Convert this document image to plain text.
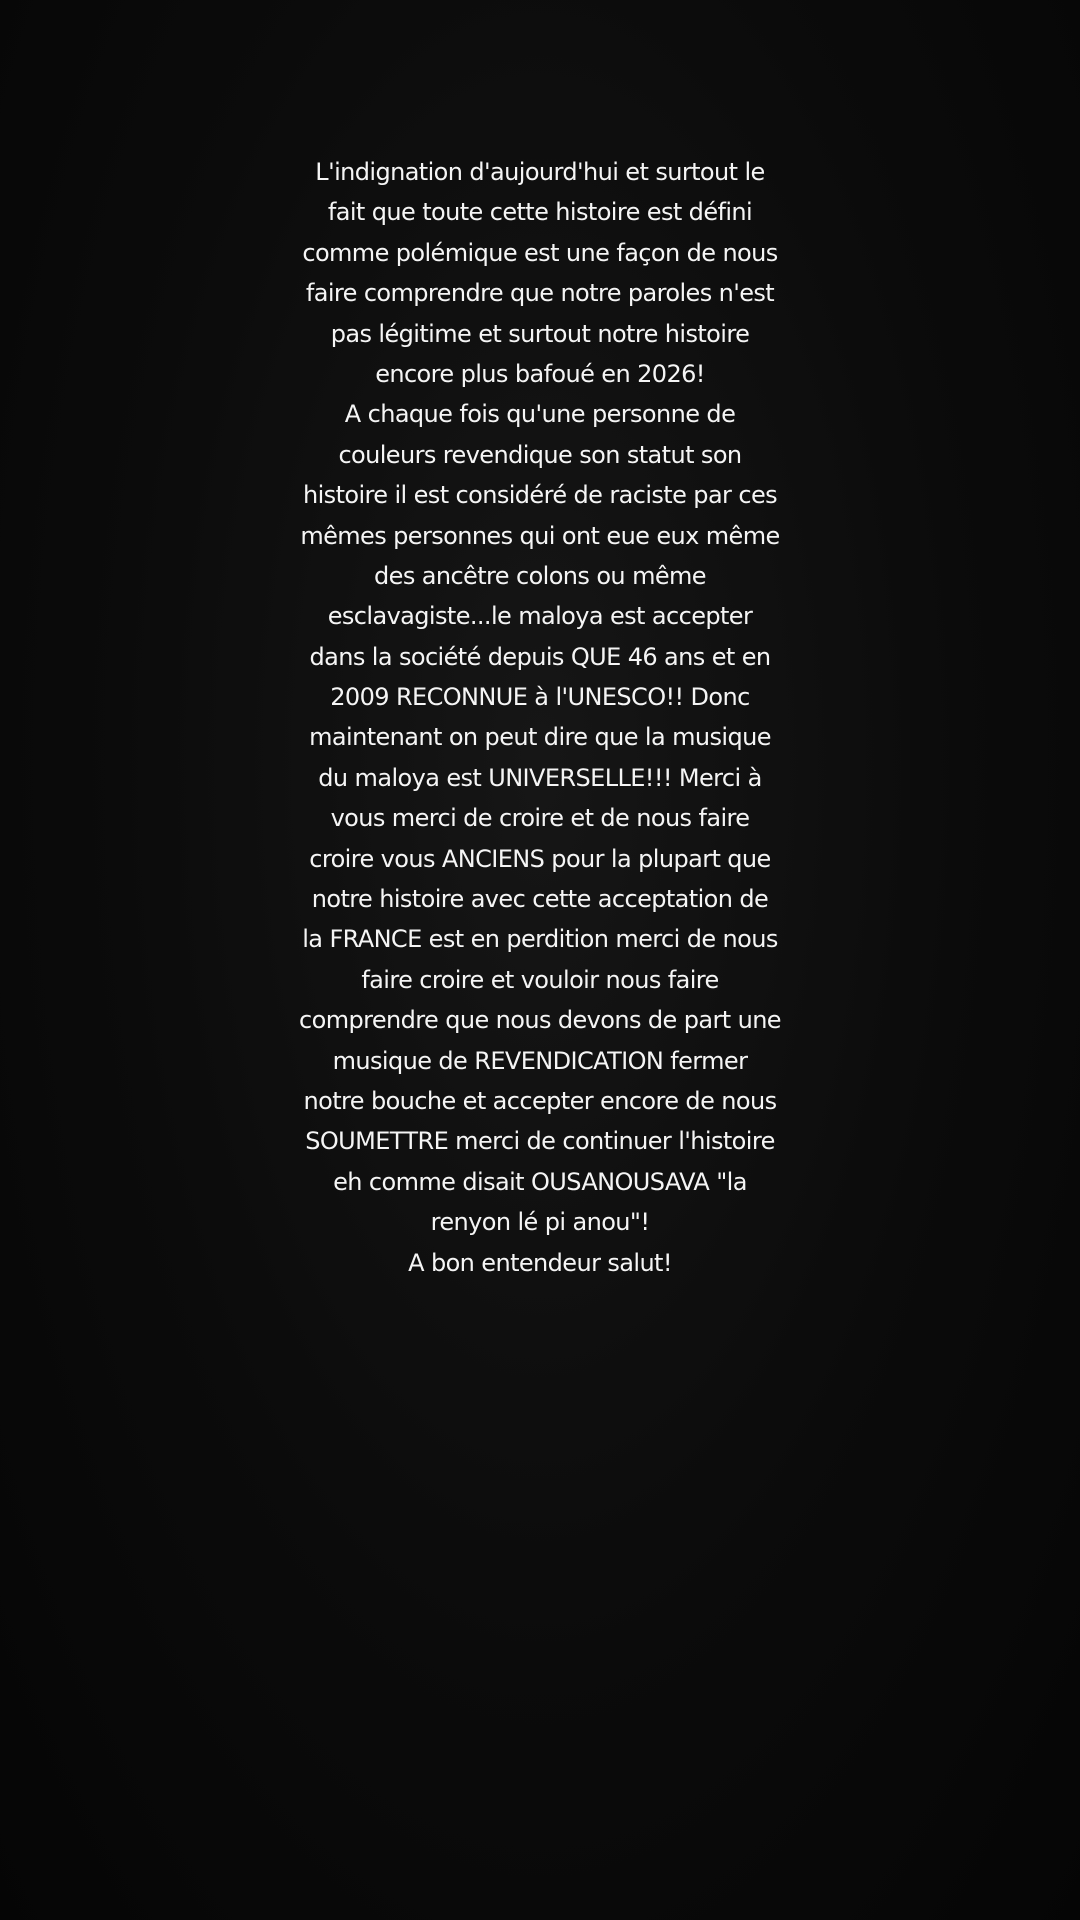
L'indignation d'aujourd'hui et surtout le
fait que toute cette histoire est défini
comme polémique est une façon de nous
faire comprendre que notre paroles n'est
pas légitime et surtout notre histoire
encore plus bafoué en 2026!
A chaque fois qu'une personne de
couleurs revendique son statut son
histoire il est considéré de raciste par ces
mêmes personnes qui ont eue eux même
des ancêtre colons ou même
esclavagiste...le maloya est accepter
dans la société depuis QUE 46 ans et en
2009 RECONNUE à l'UNESCO!! Donc
maintenant on peut dire que la musique
du maloya est UNIVERSELLE!!! Merci à
vous merci de croire et de nous faire
croire vous ANCIENS pour la plupart que
notre histoire avec cette acceptation de
la FRANCE est en perdition merci de nous
faire croire et vouloir nous faire
comprendre que nous devons de part une
musique de REVENDICATION fermer
notre bouche et accepter encore de nous
SOUMETTRE merci de continuer l'histoire
eh comme disait OUSANOUSAVA "la
renyon lé pi anou"!
A bon entendeur salut!
